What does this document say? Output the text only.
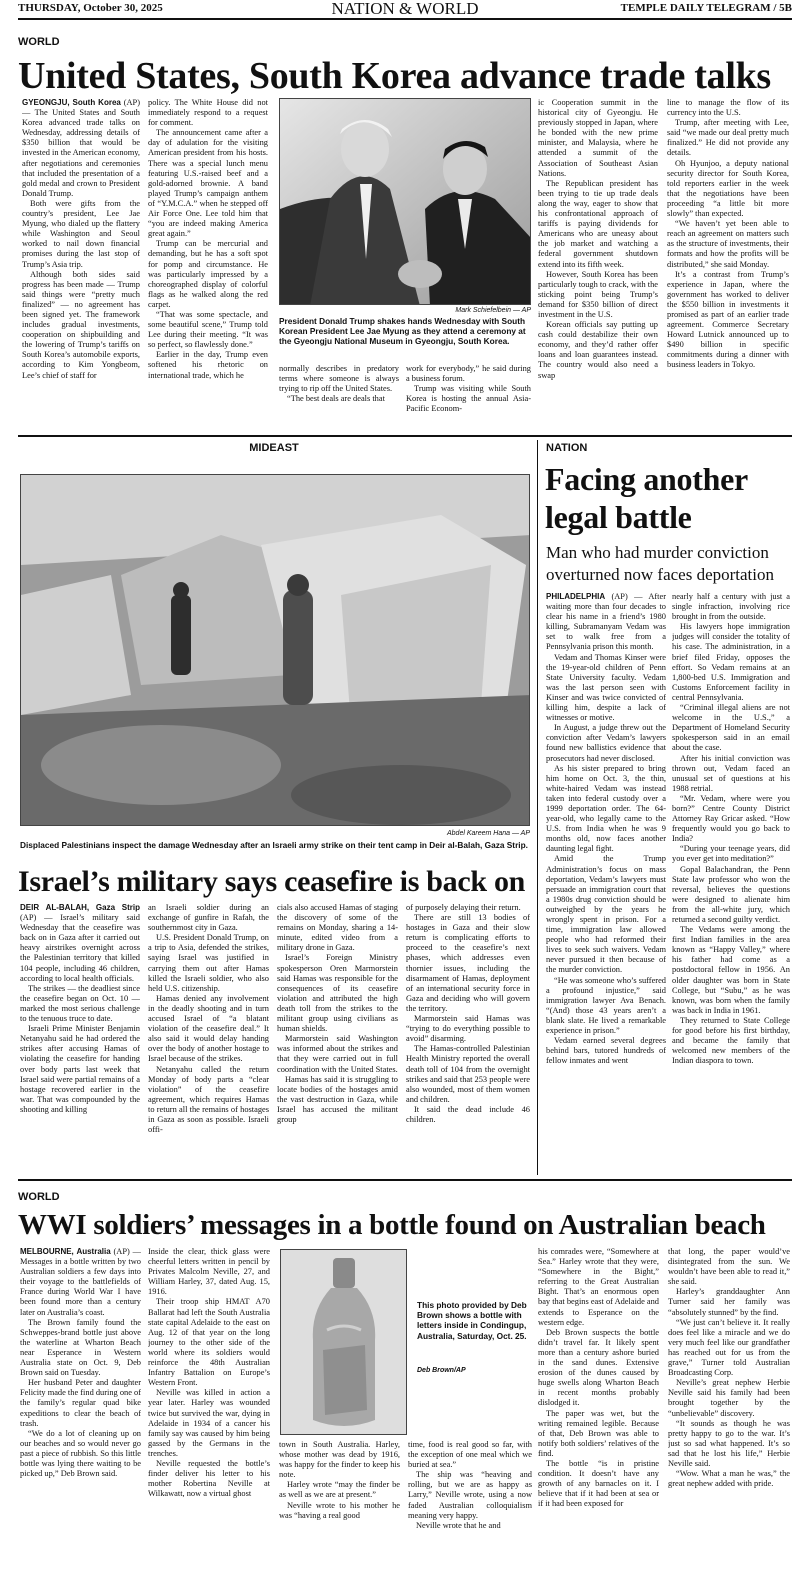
THURSDAY, October 30, 2025	NATION & WORLD	TEMPLE DAILY TELEGRAM / 5B
WORLD
United States, South Korea advance trade talks

GYEONGJU, South Korea (AP) — The United States and South Korea advanced trade talks on Wednesday, addressing details of $350 billion that would be invested in the American economy, after negotiations and ceremonies that included the presentation of a gold medal and crown to President Donald Trump.

Both were gifts from the country’s president, Lee Jae Myung, who dialed up the flattery while Washington and Seoul worked to nail down financial promises during the last stop of Trump’s Asia trip.

Although both sides said progress has been made — Trump said things were “pretty much finalized” — no agreement has been signed yet. The framework includes gradual investments, cooperation on shipbuilding and the lowering of Trump’s tariffs on South Korea’s automobile exports, according to Kim Yongbeom, Lee’s chief of staff for

policy. The White House did not immediately respond to a request for comment.

The announcement came after a day of adulation for the visiting American president from his hosts. There was a special lunch menu featuring U.S.-raised beef and a gold-adorned brownie. A band played Trump’s campaign anthem of “Y.M.C.A.” when he stepped off Air Force One. Lee told him that “you are indeed making America great again.”

Trump can be mercurial and demanding, but he has a soft spot for pomp and circumstance. He was particularly impressed by a choreographed display of colorful flags as he walked along the red carpet.

“That was some spectacle, and some beautiful scene,” Trump told Lee during their meeting. “It was so perfect, so flawlessly done.”

Earlier in the day, Trump even softened his rhetoric on international trade, which he

Mark Schiefelbein — AP
President Donald Trump shakes hands Wednesday with South Korean President Lee Jae Myung as they attend a ceremony at the Gyeongju National Museum in Gyeongju, South Korea.

normally describes in predatory terms where someone is always trying to rip off the United States.

“The best deals are deals that

work for everybody,” he said during a business forum.

Trump was visiting while South Korea is hosting the annual Asia-Pacific Econom-

ic Cooperation summit in the historical city of Gyeongju. He previously stopped in Japan, where he bonded with the new prime minister, and Malaysia, where he attended a summit of the Association of Southeast Asian Nations.

The Republican president has been trying to tie up trade deals along the way, eager to show that his confrontational approach of tariffs is paying dividends for Americans who are uneasy about the job market and watching a federal government shutdown extend into its fifth week.

However, South Korea has been particularly tough to crack, with the sticking point being Trump’s demand for $350 billion of direct investment in the U.S.

Korean officials say putting up cash could destabilize their own economy, and they’d rather offer loans and loan guarantees instead. The country would also need a swap

line to manage the flow of its currency into the U.S.

Trump, after meeting with Lee, said “we made our deal pretty much finalized.” He did not provide any details.

Oh Hyunjoo, a deputy national security director for South Korea, told reporters earlier in the week that the negotiations have been proceeding “a little bit more slowly” than expected.

“We haven’t yet been able to reach an agreement on matters such as the structure of investments, their formats and how the profits will be distributed,” she said Monday.

It’s a contrast from Trump’s experience in Japan, where the government has worked to deliver the $550 billion in investments it promised as part of an earlier trade agreement. Commerce Secretary Howard Lutnick announced up to $490 billion in specific commitments during a dinner with business leaders in Tokyo.

MIDEAST
Abdel Kareem Hana — AP
Displaced Palestinians inspect the damage Wednesday after an Israeli army strike on their tent camp in Deir al-Balah, Gaza Strip.
Israel’s military says ceasefire is back on

DEIR AL-BALAH, Gaza Strip (AP) — Israel’s military said Wednesday that the ceasefire was back on in Gaza after it carried out heavy airstrikes overnight across the Palestinian territory that killed 104 people, including 46 children, according to local health officials.

The strikes — the deadliest since the ceasefire began on Oct. 10 — marked the most serious challenge to the tenuous truce to date.

Israeli Prime Minister Benjamin Netanyahu said he had ordered the strikes after accusing Hamas of violating the ceasefire for handing over body parts last week that Israel said were partial remains of a hostage recovered earlier in the war. That was compounded by the shooting and killing

an Israeli soldier during an exchange of gunfire in Rafah, the southernmost city in Gaza.

U.S. President Donald Trump, on a trip to Asia, defended the strikes, saying Israel was justified in carrying them out after Hamas killed the Israeli soldier, who also held U.S. citizenship.

Hamas denied any involvement in the deadly shooting and in turn accused Israel of “a blatant violation of the ceasefire deal.” It also said it would delay handing over the body of another hostage to Israel because of the strikes.

Netanyahu called the return Monday of body parts a “clear violation” of the ceasefire agreement, which requires Hamas to return all the remains of hostages in Gaza as soon as possible. Israeli offi-

cials also accused Hamas of staging the discovery of some of the remains on Monday, sharing a 14-minute, edited video from a military drone in Gaza.

Israel’s Foreign Ministry spokesperson Oren Marmorstein said Hamas was responsible for the consequences of its ceasefire violation and attributed the high death toll from the strikes to the militant group using civilians as human shields.

Marmorstein said Washington was informed about the strikes and that they were carried out in full coordination with the United States.

Hamas has said it is struggling to locate bodies of the hostages amid the vast destruction in Gaza, while Israel has accused the militant group

of purposely delaying their return.

There are still 13 bodies of hostages in Gaza and their slow return is complicating efforts to proceed to the ceasefire’s next phases, which addresses even thornier issues, including the disarmament of Hamas, deployment of an international security force in Gaza and deciding who will govern the territory.

Marmorstein said Hamas was “trying to do everything possible to avoid” disarming.

The Hamas-controlled Palestinian Health Ministry reported the overall death toll of 104 from the overnight strikes and said that 253 people were also wounded, most of them women and children.

It said the dead include 46 children.

NATION
Facing another
legal battle
Man who had murder conviction
overturned now faces deportation

PHILADELPHIA (AP) — After waiting more than four decades to clear his name in a friend’s 1980 killing, Subramanyam Vedam was set to walk free from a Pennsylvania prison this month.

Vedam and Thomas Kinser were the 19-year-old children of Penn State University faculty. Vedam was the last person seen with Kinser and was twice convicted of killing him, despite a lack of witnesses or motive.

In August, a judge threw out the conviction after Vedam’s lawyers found new ballistics evidence that prosecutors had never disclosed.

As his sister prepared to bring him home on Oct. 3, the thin, white-haired Vedam was instead taken into federal custody over a 1999 deportation order. The 64-year-old, who legally came to the U.S. from India when he was 9 months old, now faces another daunting legal fight.

Amid the Trump Administration’s focus on mass deportation, Vedam’s lawyers must persuade an immigration court that a 1980s drug conviction should be outweighed by the years he wrongly spent in prison. For a time, immigration law allowed people who had reformed their lives to seek such waivers. Vedam never pursued it then because of the murder conviction.

“He was someone who’s suffered a profound injustice,” said immigration lawyer Ava Benach. “(And) those 43 years aren’t a blank slate. He lived a remarkable experience in prison.”

Vedam earned several degrees behind bars, tutored hundreds of fellow inmates and went

nearly half a century with just a single infraction, involving rice brought in from the outside.

His lawyers hope immigration judges will consider the totality of his case. The administration, in a brief filed Friday, opposes the effort. So Vedam remains at an 1,800-bed U.S. Immigration and Customs Enforcement facility in central Pennsylvania.

“Criminal illegal aliens are not welcome in the U.S.,” a Department of Homeland Security spokesperson said in an email about the case.

After his initial conviction was thrown out, Vedam faced an unusual set of questions at his 1988 retrial.

“Mr. Vedam, where were you born?” Centre County District Attorney Ray Gricar asked. “How frequently would you go back to India?

“During your teenage years, did you ever get into meditation?”

Gopal Balachandran, the Penn State law professor who won the reversal, believes the questions were designed to alienate him from the all-white jury, which returned a second guilty verdict.

The Vedams were among the first Indian families in the area known as “Happy Valley,” where his father had come as a postdoctoral fellow in 1956. An older daughter was born in State College, but “Subu,” as he was known, was born when the family was back in India in 1961.

They returned to State College for good before his first birthday, and became the family that welcomed new members of the Indian diaspora to town.

WORLD
WWI soldiers’ messages in a bottle found on Australian beach

MELBOURNE, Australia (AP) — Messages in a bottle written by two Australian soldiers a few days into their voyage to the battlefields of France during World War I have been found more than a century later on Australia’s coast.

The Brown family found the Schweppes-brand bottle just above the waterline at Wharton Beach near Esperance in Western Australia state on Oct. 9, Deb Brown said on Tuesday.

Her husband Peter and daughter Felicity made the find during one of the family’s regular quad bike expeditions to clear the beach of trash.

“We do a lot of cleaning up on our beaches and so would never go past a piece of rubbish. So this little bottle was lying there waiting to be picked up,” Deb Brown said.

Inside the clear, thick glass were cheerful letters written in pencil by Privates Malcolm Neville, 27, and William Harley, 37, dated Aug. 15, 1916.

Their troop ship HMAT A70 Ballarat had left the South Australia state capital Adelaide to the east on Aug. 12 of that year on the long journey to the other side of the world where its soldiers would reinforce the 48th Australian Infantry Battalion on Europe’s Western Front.

Neville was killed in action a year later. Harley was wounded twice but survived the war, dying in Adelaide in 1934 of a cancer his family say was caused by him being gassed by the Germans in the trenches.

Neville requested the bottle’s finder deliver his letter to his mother Robertina Neville at Wilkawatt, now a virtual ghost

This photo provided by Deb Brown shows a bottle with letters inside in Condingup, Australia, Saturday, Oct. 25.
Deb Brown/AP

town in South Australia. Harley, whose mother was dead by 1916, was happy for the finder to keep his note.

Harley wrote “may the finder be as well as we are at present.”

Neville wrote to his mother he was “having a real good

time, food is real good so far, with the exception of one meal which we buried at sea.”

The ship was “heaving and rolling, but we are as happy as Larry,” Neville wrote, using a now faded Australian colloquialism meaning very happy.

Neville wrote that he and

his comrades were, “Somewhere at Sea.” Harley wrote that they were, “Somewhere in the Bight,” referring to the Great Australian Bight. That’s an enormous open bay that begins east of Adelaide and extends to Esperance on the western edge.

Deb Brown suspects the bottle didn’t travel far. It likely spent more than a century ashore buried in the sand dunes. Extensive erosion of the dunes caused by huge swells along Wharton Beach in recent months probably dislodged it.

The paper was wet, but the writing remained legible. Because of that, Deb Brown was able to notify both soldiers’ relatives of the find.

The bottle “is in pristine condition. It doesn’t have any growth of any barnacles on it. I believe that if it had been at sea or if it had been exposed for

that long, the paper would’ve disintegrated from the sun. We wouldn’t have been able to read it,” she said.

Harley’s granddaughter Ann Turner said her family was “absolutely stunned” by the find.

“We just can’t believe it. It really does feel like a miracle and we do very much feel like our grandfather has reached out for us from the grave,” Turner told Australian Broadcasting Corp.

Neville’s great nephew Herbie Neville said his family had been brought together by the “unbelievable” discovery.

“It sounds as though he was pretty happy to go to the war. It’s just so sad what happened. It’s so sad that he lost his life,” Herbie Neville said.

“Wow. What a man he was,” the great nephew added with pride.
